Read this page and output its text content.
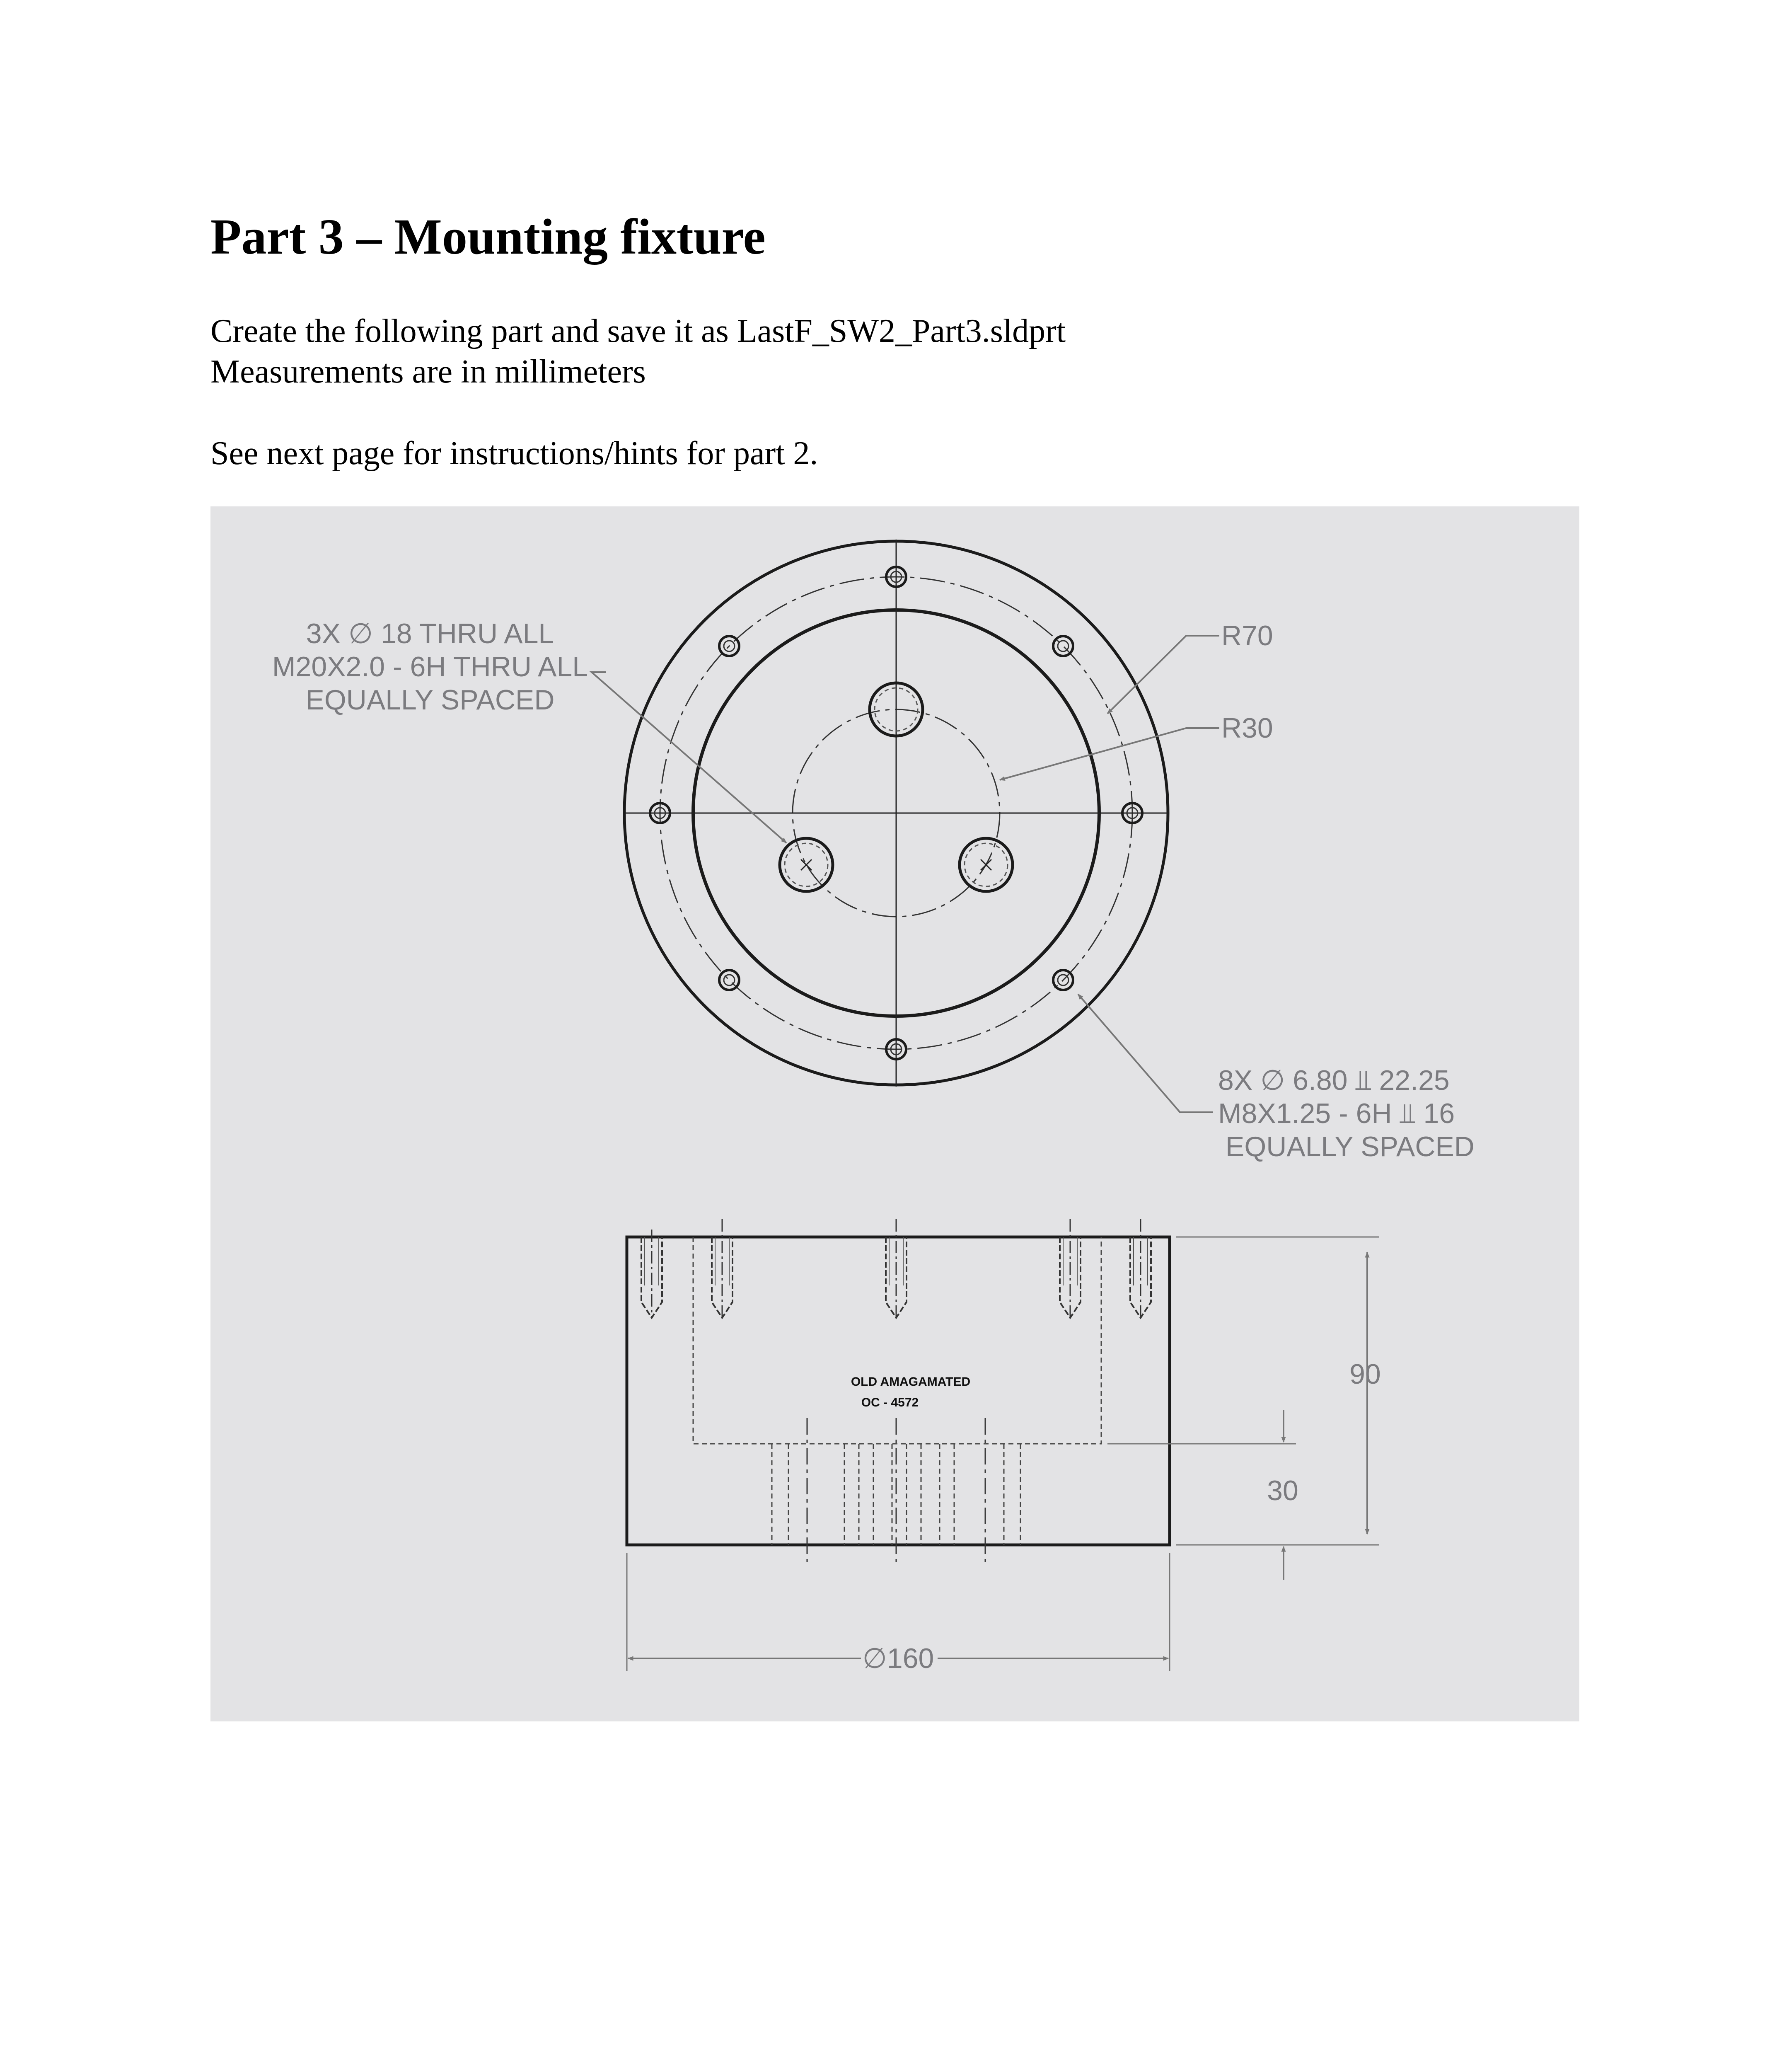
Part 3 – Mounting fixture
Create the following part and save it as LastF_SW2_Part3.sldprt
Measurements are in millimeters
See next page for instructions/hints for part 2.
3X ∅ 18 THRU ALL
M20X2.0 - 6H THRU ALL
EQUALLY SPACED
R70
R30
8X ∅ 6.80 ⫫ 22.25
M8X1.25 - 6H ⫫ 16
EQUALLY SPACED
OLD AMAGAMATED
OC - 4572
90
30
∅160
